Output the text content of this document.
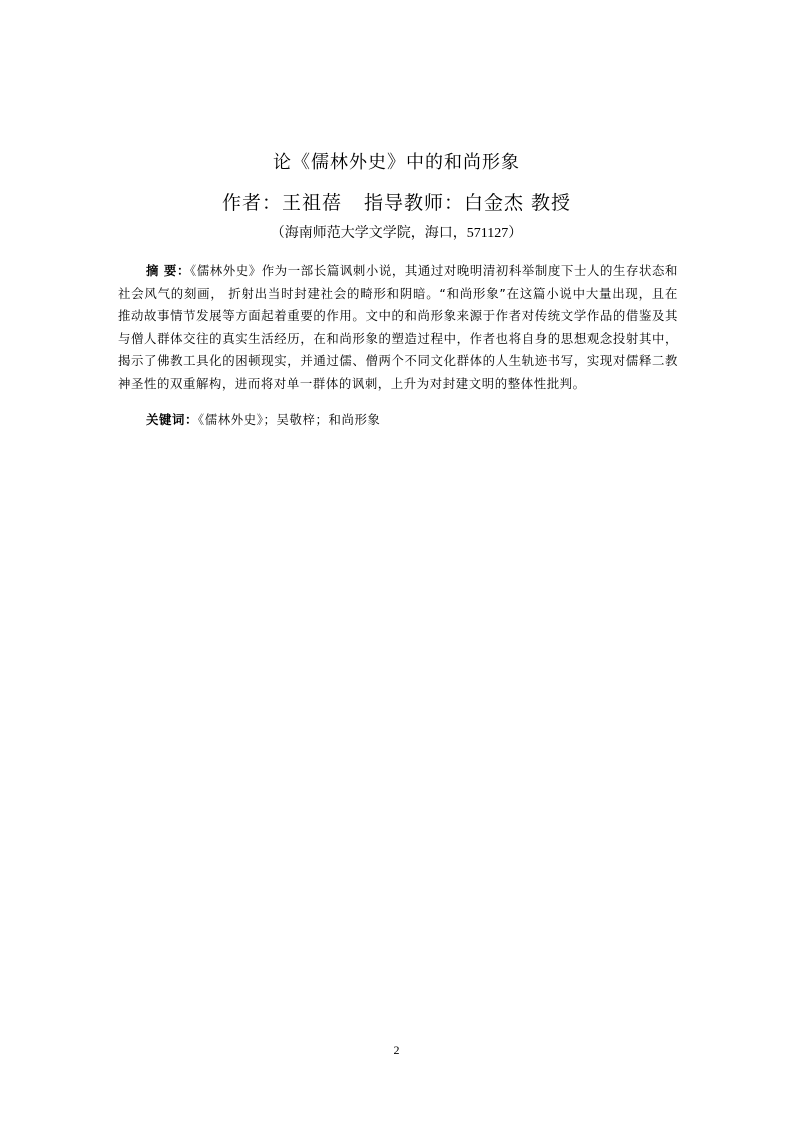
论《儒林外史》中的和尚形象
作者：王祖蓓 指导教师：白金杰 教授
（海南师范大学文学院，海口，571127）
摘 要：《儒林外史》作为一部长篇讽刺小说，其通过对晚明清初科举制度下士人的生存状态和社会风气的刻画， 折射出当时封建社会的畸形和阴暗。“和尚形象”在这篇小说中大量出现，且在推动故事情节发展等方面起着重要的作用。文中的和尚形象来源于作者对传统文学作品的借鉴及其与僧人群体交往的真实生活经历，在和尚形象的塑造过程中，作者也将自身的思想观念投射其中，揭示了佛教工具化的困顿现实，并通过儒、僧两个不同文化群体的人生轨迹书写，实现对儒释二教神圣性的双重解构，进而将对单一群体的讽刺，上升为对封建文明的整体性批判。
关键词：《儒林外史》；吴敬梓；和尚形象
2
